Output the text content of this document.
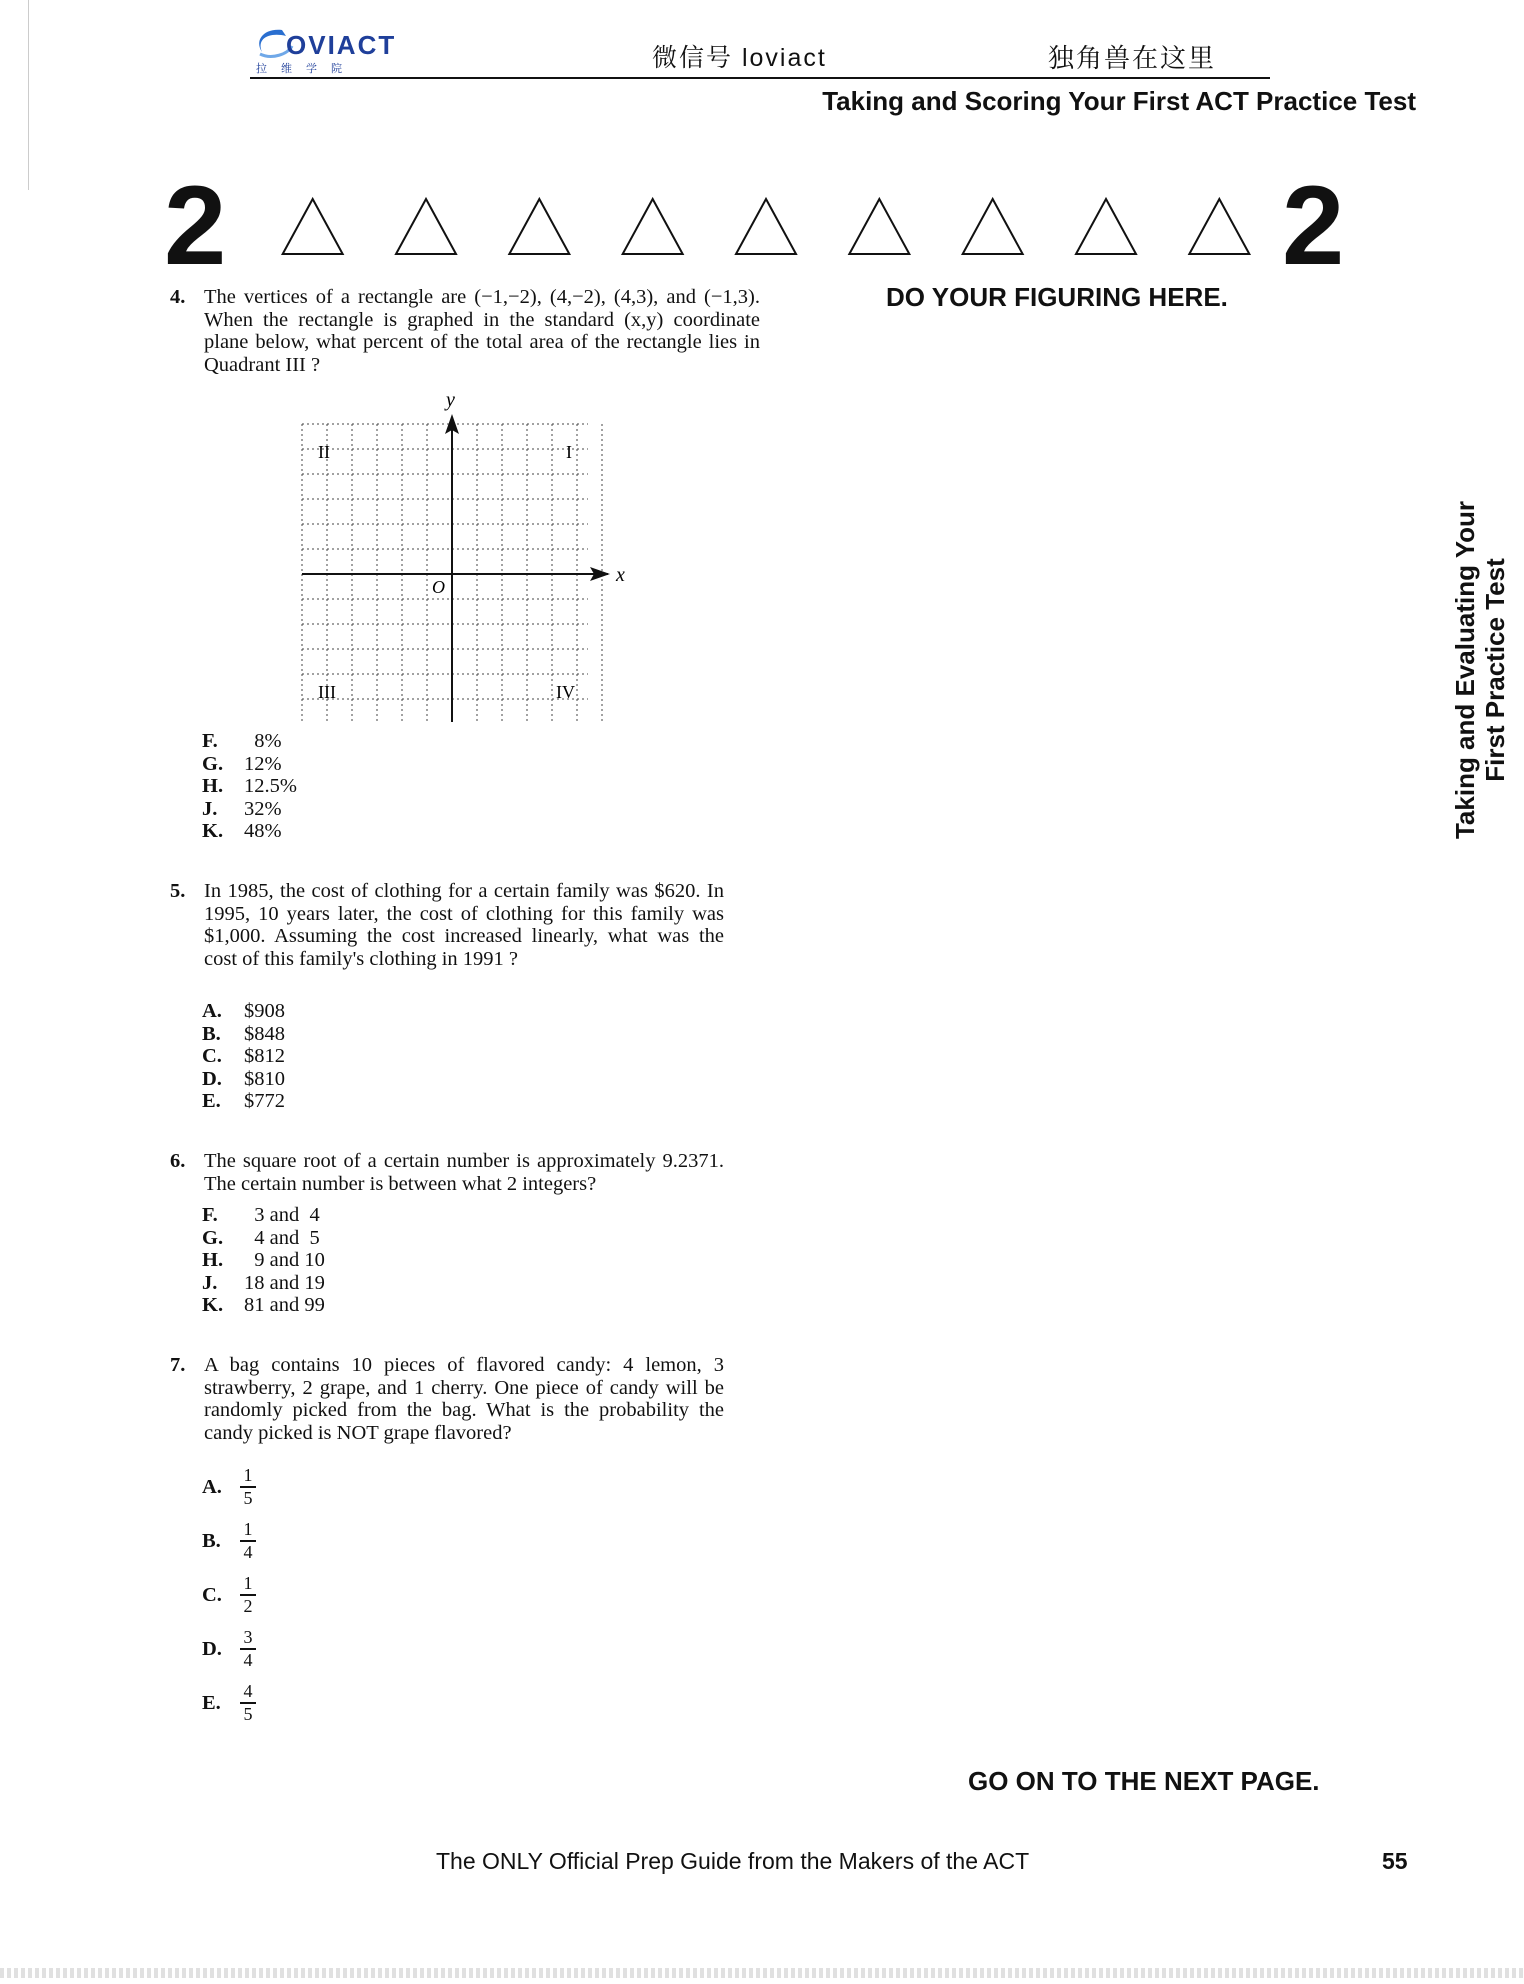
OVIACT
拉维学院	微信号 loviact	独角兽在这里
Taking and Scoring Your First ACT Practice Test
2	2
DO YOUR FIGURING HERE.
4. The vertices of a rectangle are (−1,−2), (4,−2), (4,3), and (−1,3). When the rectangle is graphed in the standard (x,y) coordinate plane below, what percent of the total area of the rectangle lies in Quadrant III ?
y
x
O
I
II
III	IV
F.	8%
G.	12%
H.	12.5%
J.	32%
K.	48%
5. In 1985, the cost of clothing for a certain family was $620. In 1995, 10 years later, the cost of clothing for this family was $1,000. Assuming the cost increased linearly, what was the cost of this family's clothing in 1991 ?
A.	$908
B.	$848
C.	$812
D.	$810
E.	$772
6. The square root of a certain number is approximately 9.2371. The certain number is between what 2 integers?
F.	3 and  4
G.	4 and  5
H.	9 and 10
J.	18 and 19
K.	81 and 99
7. A bag contains 10 pieces of flavored candy: 4 lemon, 3 strawberry, 2 grape, and 1 cherry. One piece of candy will be randomly picked from the bag. What is the probability the candy picked is NOT grape flavored?
A.	$\frac{1}{5}$
B.	$\frac{1}{4}$
C.	$\frac{1}{2}$
D.	$\frac{3}{4}$
E.	$\frac{4}{5}$
Taking and Evaluating Your First Practice Test
GO ON TO THE NEXT PAGE.
The ONLY Official Prep Guide from the Makers of the ACT	55
